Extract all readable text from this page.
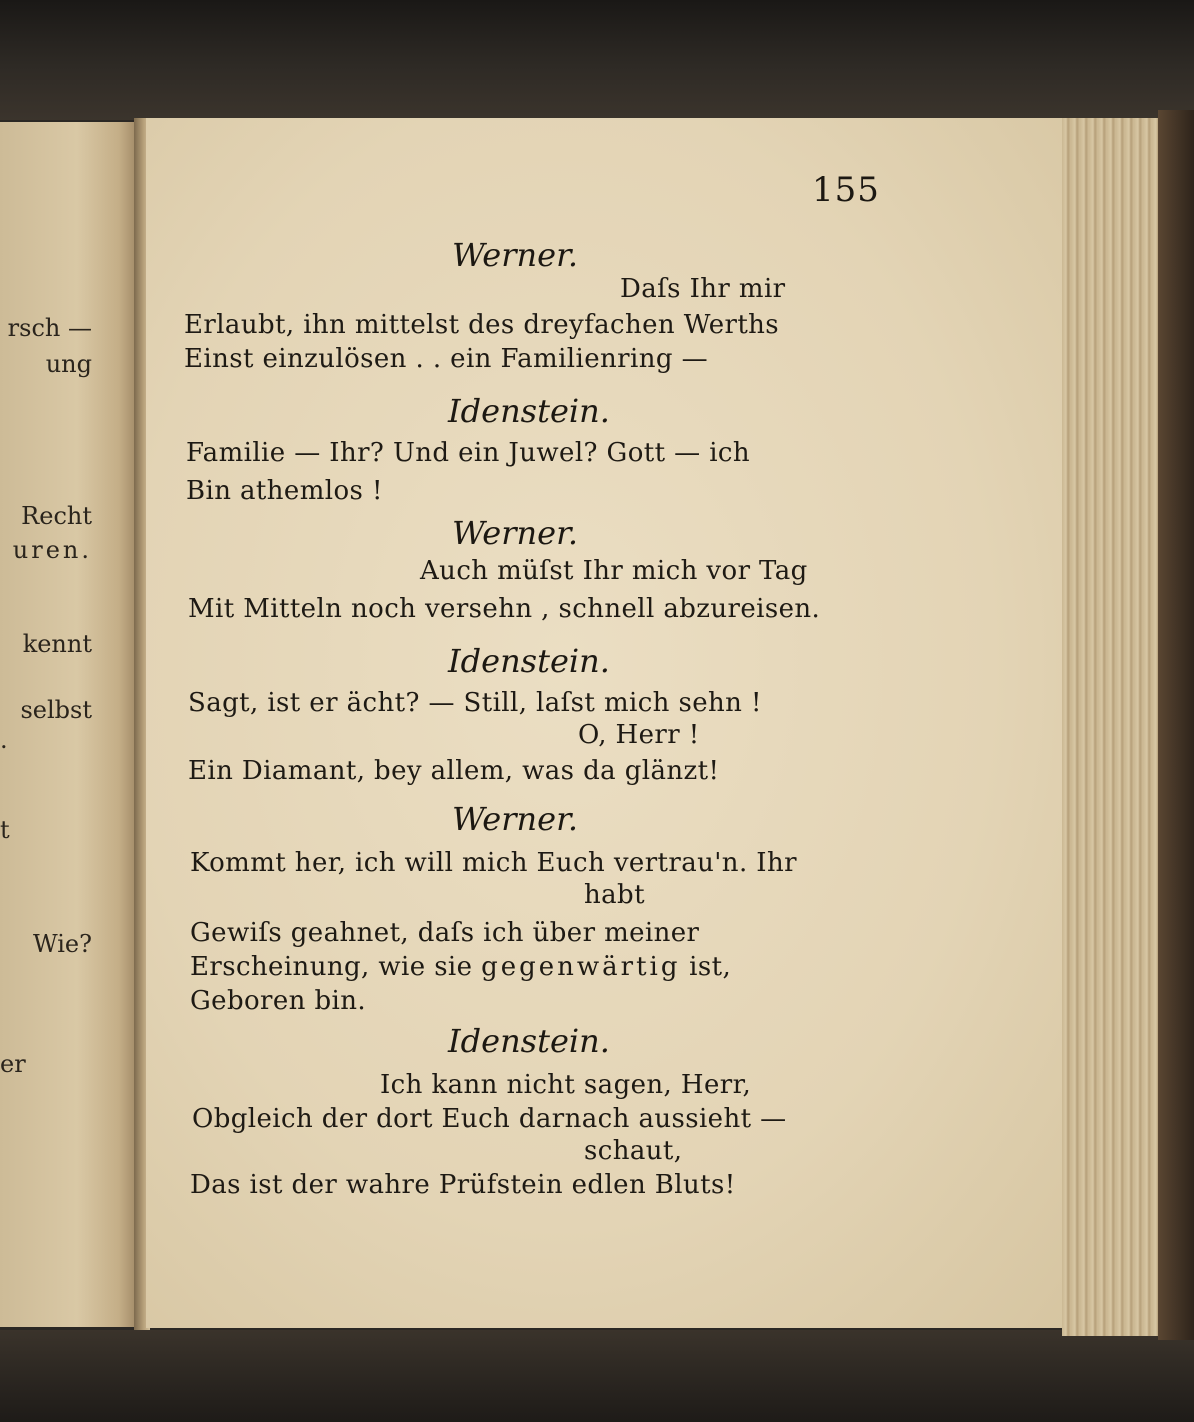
rsch —
ung
Recht
uren.
kennt
selbst
.
t
Wie?
er
155
Werner.
Daſs Ihr mir
Erlaubt, ihn mittelst des dreyfachen Werths
Einst einzulösen . . ein Familienring —
Idenstein.
Familie — Ihr? Und ein Juwel? Gott — ich
Bin athemlos !
Werner.
Auch müſst Ihr mich vor Tag
Mit Mitteln noch versehn , schnell abzureisen.
Idenstein.
Sagt, ist er ächt? — Still, laſst mich sehn !
O, Herr !
Ein Diamant, bey allem, was da glänzt!
Werner.
Kommt her, ich will mich Euch vertrau'n. Ihr
habt
Gewiſs geahnet, daſs ich über meiner
Erscheinung, wie sie gegenwärtig ist,
Geboren bin.
Idenstein.
Ich kann nicht sagen, Herr,
Obgleich der dort Euch darnach aussieht —
schaut,
Das ist der wahre Prüfstein edlen Bluts!
